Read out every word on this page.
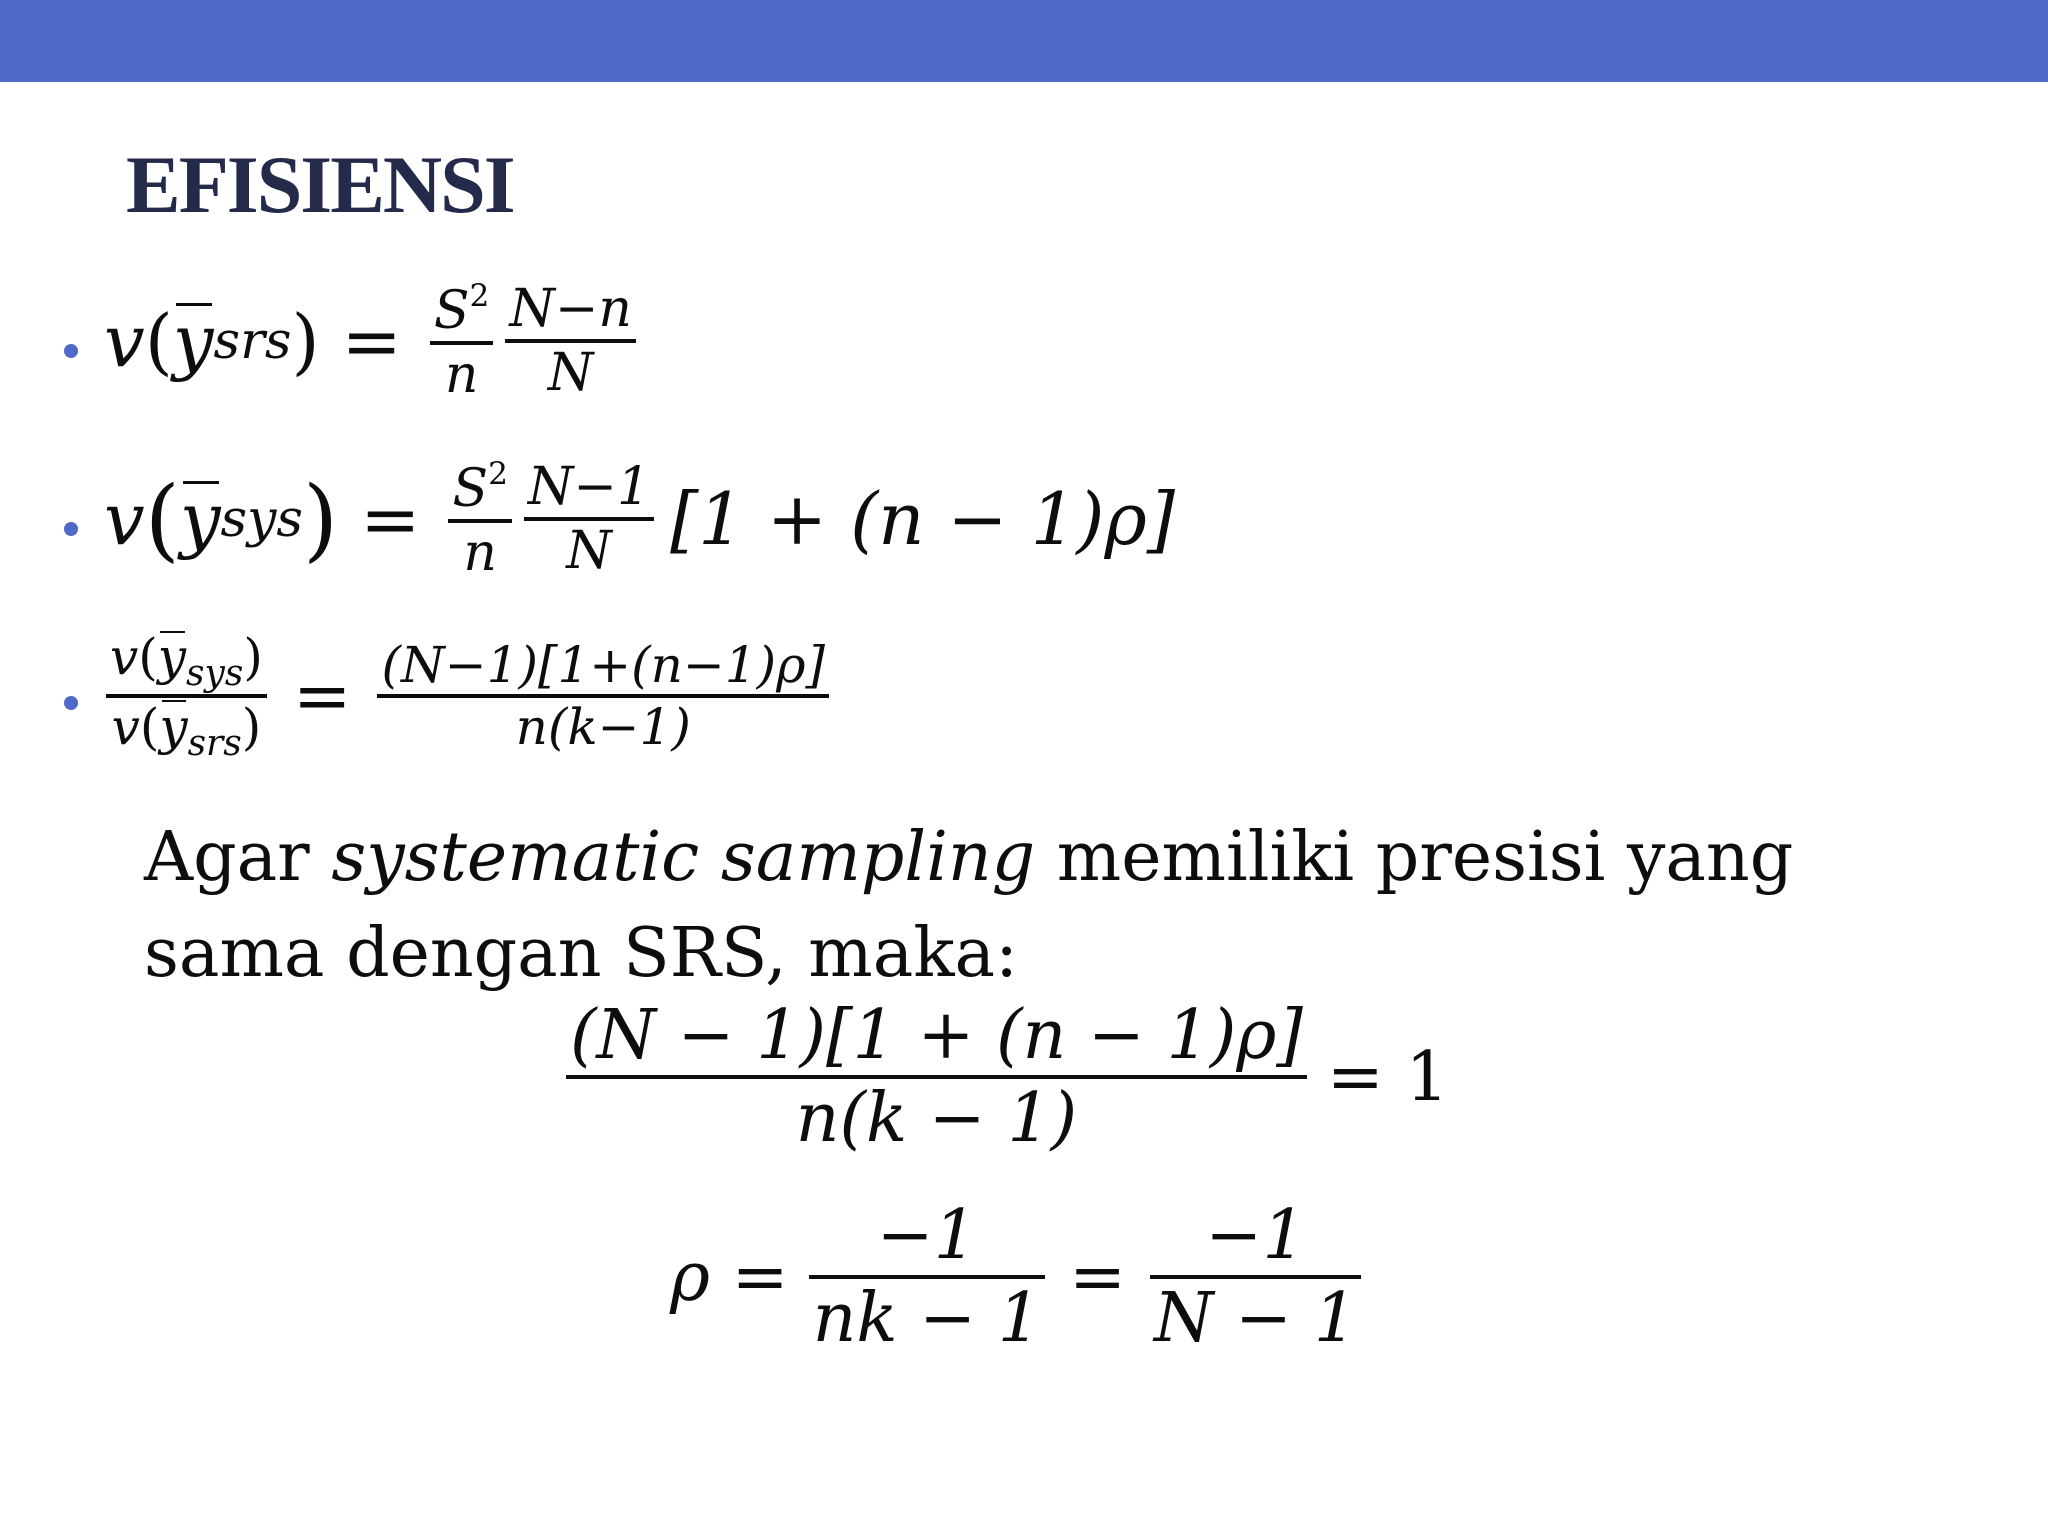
EFISIENSI
v ( y srs ) = $\frac{S^2}{n} \frac{N-n}{N}$
v ( y sys ) = $\frac{S^2}{n} \frac{N-1}{N} [1 + (n - 1)\rho]$
$\frac{v(y_{sys})}{v(y_{srs})} = \frac{(N-1)[1+(n-1)\rho]}{n(k-1)}$
Agar systematic sampling memiliki presisi yang sama dengan SRS, maka:
$\frac{(N - 1)[1 + (n - 1)\rho]}{n(k - 1)} = 1$
$\rho = \frac{-1}{nk - 1} = \frac{-1}{N - 1}$
